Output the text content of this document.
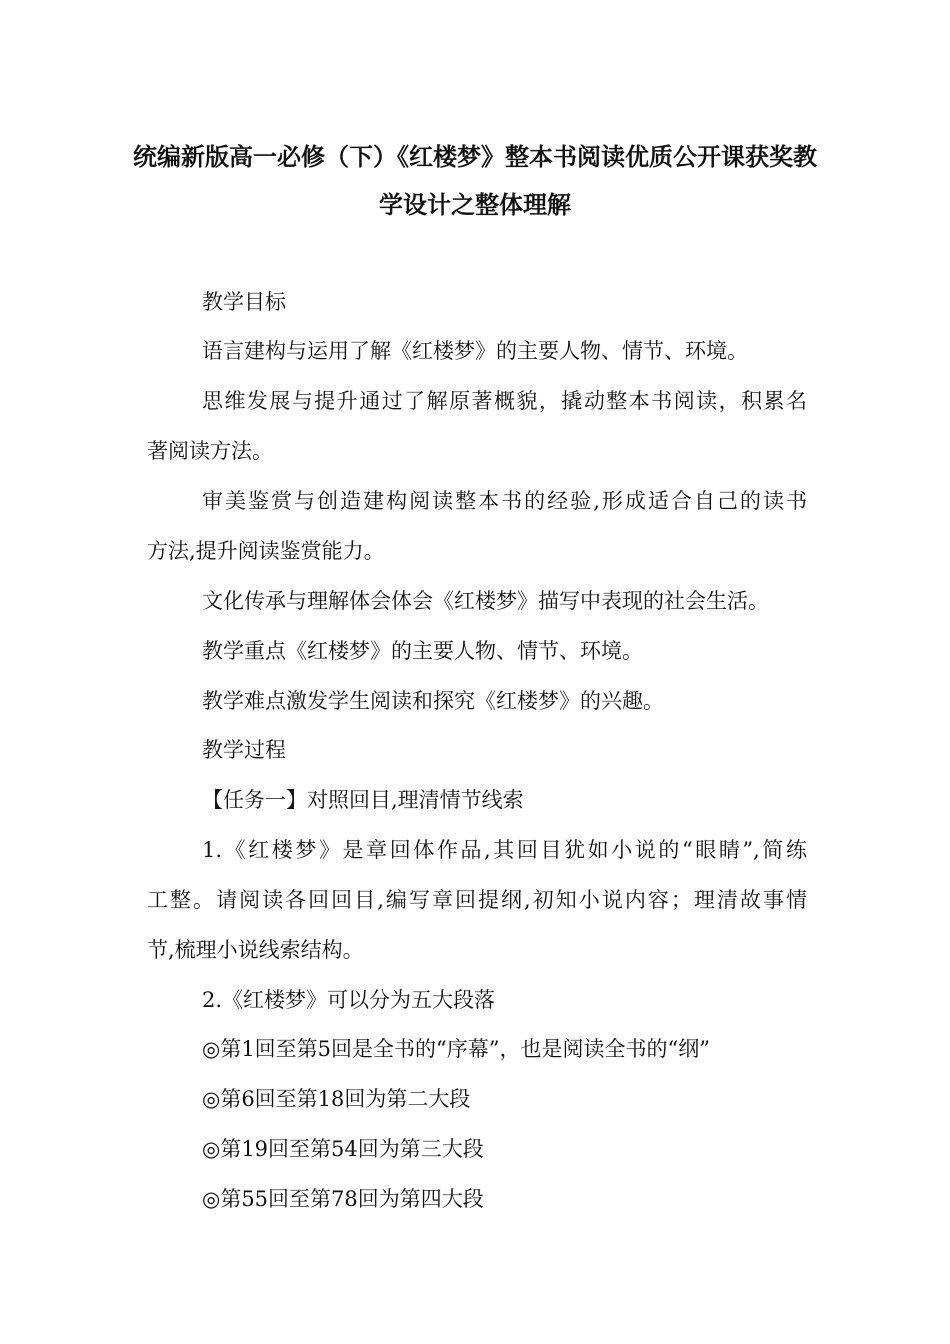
统编新版高一必修（下）《红楼梦》整本书阅读优质公开课获奖教
学设计之整体理解
教学目标
语言建构与运用了解《红楼梦》的主要人物、情节、环境。
思维发展与提升通过了解原著概貌，撬动整本书阅读，积累名
著阅读方法。
审美鉴赏与创造建构阅读整本书的经验,形成适合自己的读书
方法,提升阅读鉴赏能力。
文化传承与理解体会体会《红楼梦》描写中表现的社会生活。
教学重点《红楼梦》的主要人物、情节、环境。
教学难点激发学生阅读和探究《红楼梦》的兴趣。
教学过程
【任务一】对照回目,理清情节线索
1.《红楼梦》是章回体作品,其回目犹如小说的“眼睛”,简练
工整。请阅读各回回目,编写章回提纲,初知小说内容；理清故事情
节,梳理小说线索结构。
2.《红楼梦》可以分为五大段落
◎第1回至第5回是全书的“序幕”，也是阅读全书的“纲”
◎第6回至第18回为第二大段
◎第19回至第54回为第三大段
◎第55回至第78回为第四大段
